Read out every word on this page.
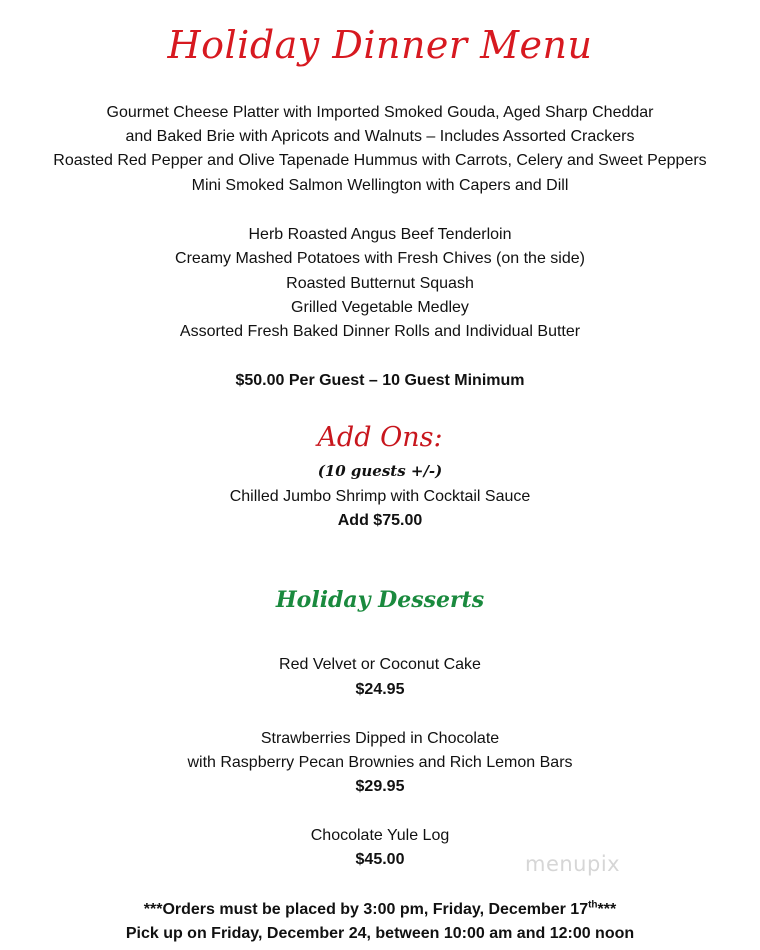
Holiday Dinner Menu
Gourmet Cheese Platter with Imported Smoked Gouda, Aged Sharp Cheddar
and Baked Brie with Apricots and Walnuts – Includes Assorted Crackers
Roasted Red Pepper and Olive Tapenade Hummus with Carrots, Celery and Sweet Peppers
Mini Smoked Salmon Wellington with Capers and Dill
Herb Roasted Angus Beef Tenderloin
Creamy Mashed Potatoes with Fresh Chives (on the side)
Roasted Butternut Squash
Grilled Vegetable Medley
Assorted Fresh Baked Dinner Rolls and Individual Butter
$50.00 Per Guest – 10 Guest Minimum
Add Ons:
(10 guests +/-)
Chilled Jumbo Shrimp with Cocktail Sauce
Add $75.00
Holiday Desserts
Red Velvet or Coconut Cake
$24.95
Strawberries Dipped in Chocolate
with Raspberry Pecan Brownies and Rich Lemon Bars
$29.95
Chocolate Yule Log
$45.00
***Orders must be placed by 3:00 pm, Friday, December 17th***
Pick up on Friday, December 24, between 10:00 am and 12:00 noon
menupix
